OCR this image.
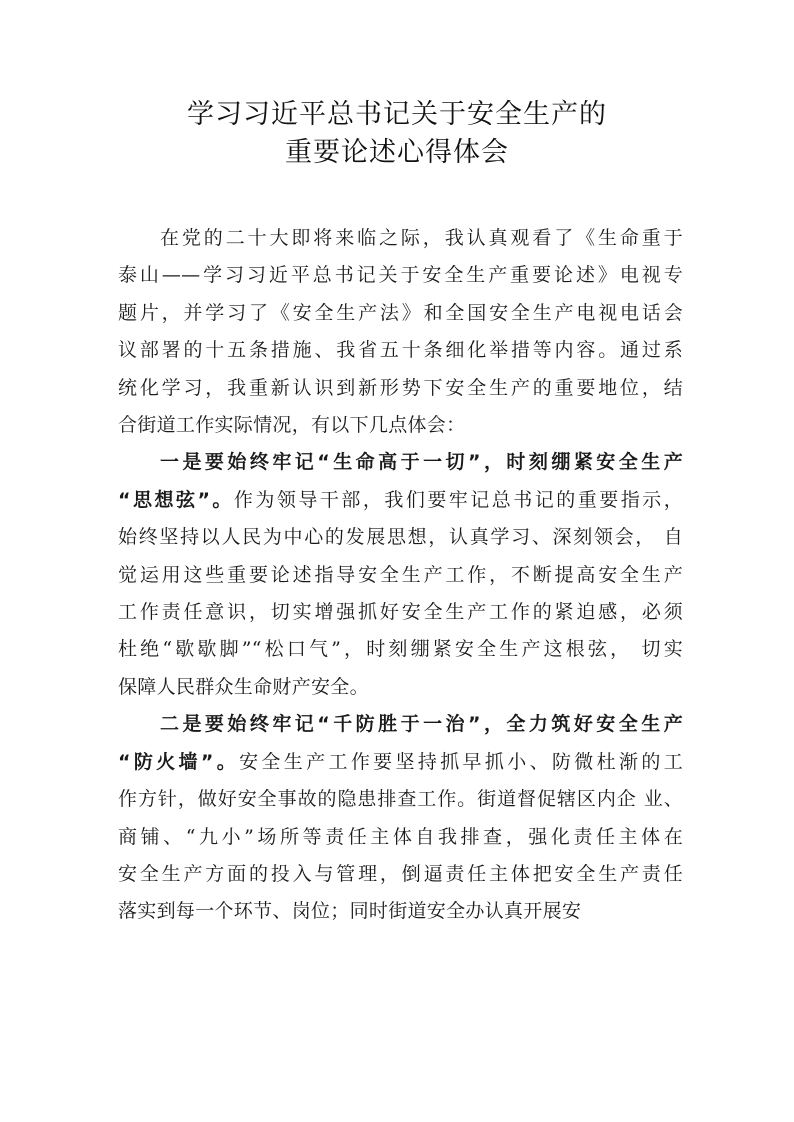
学习习近平总书记关于安全生产的
重要论述心得体会
在党的二十大即将来临之际，我认真观看了《生命重于
泰山——学习习近平总书记关于安全生产重要论述》电视专
题片，并学习了《安全生产法》和全国安全生产电视电话会
议部署的十五条措施、我省五十条细化举措等内容。通过系
统化学习，我重新认识到新形势下安全生产的重要地位，结
合街道工作实际情况，有以下几点体会：
一是要始终牢记“生命高于一切”，时刻绷紧安全生产
“思想弦”。作为领导干部，我们要牢记总书记的重要指示，
始终坚持以人民为中心的发展思想，认真学习、深刻领会， 自
觉运用这些重要论述指导安全生产工作，不断提高安全生产
工作责任意识，切实增强抓好安全生产工作的紧迫感，必须
杜绝“歇歇脚”“松口气”，时刻绷紧安全生产这根弦， 切实
保障人民群众生命财产安全。
二是要始终牢记“千防胜于一治”，全力筑好安全生产
“防火墙”。安全生产工作要坚持抓早抓小、防微杜渐的工
作方针，做好安全事故的隐患排查工作。街道督促辖区内企 业、
商铺、“九小”场所等责任主体自我排查，强化责任主体在
安全生产方面的投入与管理，倒逼责任主体把安全生产责任
落实到每一个环节、岗位；同时街道安全办认真开展安
